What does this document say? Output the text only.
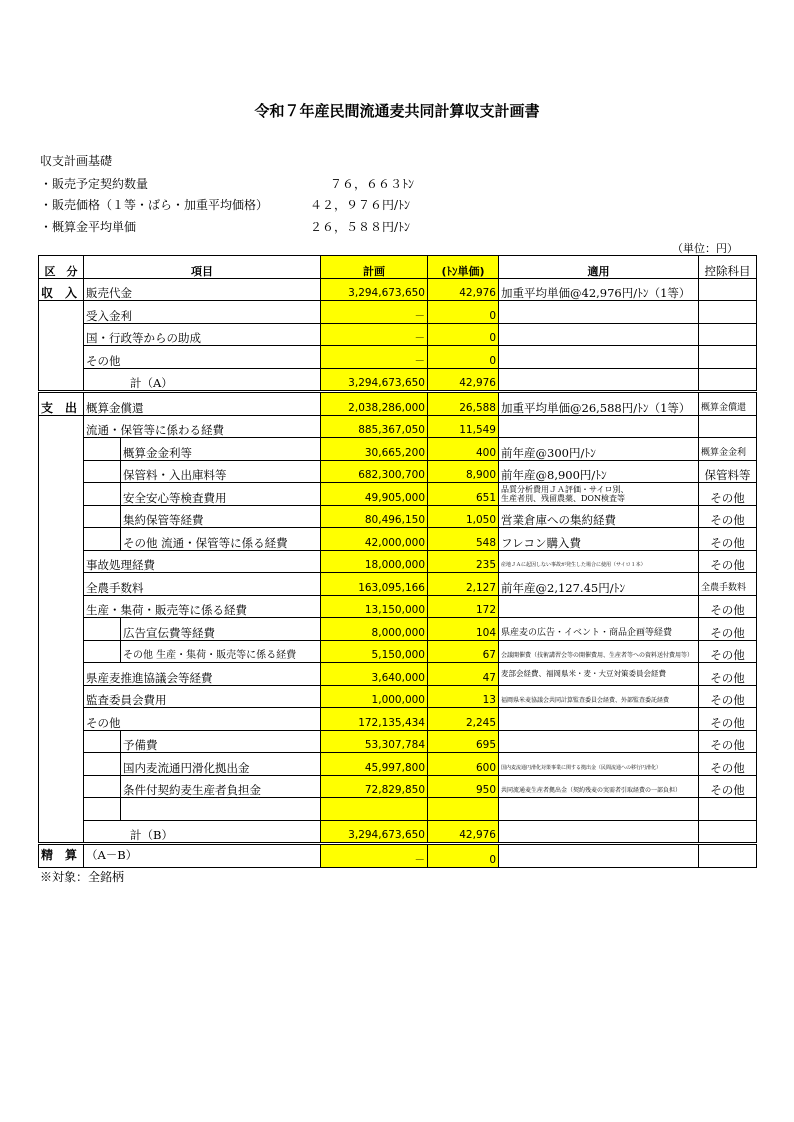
令和７年産民間流通麦共同計算収支計画書
収支計画基礎
・販売予定契約数量	７６，６６３ﾄﾝ
・販売価格（１等・ばら・加重平均価格）	４２，９７６円/ﾄﾝ
・概算金平均単価	２６，５８８円/ﾄﾝ
（単位：円）
区　分	項目		計画	(ﾄﾝ単価)	適用	控除科目
収　入	販売代金		3,294,673,650	42,976	加重平均単価@42,976円/ﾄﾝ（1等）	
	受入金利		－	0		
	国・行政等からの助成		－	0		
	その他		－	0		
	計（A）		3,294,673,650	42,976		
支　出	概算金償還		2,038,286,000	26,588	加重平均単価@26,588円/ﾄﾝ（1等）	概算金償還
	流通・保管等に係わる経費		885,367,050	11,549		
		概算金金利等	30,665,200	400	前年産@300円/ﾄﾝ	概算金金利
		保管料・入出庫料等	682,300,700	8,900	前年産@8,900円/ﾄﾝ	保管料等
		安全安心等検査費用	49,905,000	651	品質分析費用ＪＡ評価・サイロ別、
生産者別、残留農薬、DON検査等	その他
		集約保管等経費	80,496,150	1,050	営業倉庫への集約経費	その他
		その他 流通・保管等に係る経費	42,000,000	548	フレコン購入費	その他
	事故処理経費		18,000,000	235	産地ＪＡに起因しない事故が発生した場合に使用（サイロ１本）	その他
	全農手数料		163,095,166	2,127	前年産@2,127.45円/ﾄﾝ	全農手数料
	生産・集荷・販売等に係る経費		13,150,000	172		その他
		広告宣伝費等経費	8,000,000	104	県産麦の広告・イベント・商品企画等経費	その他
		その他 生産・集荷・販売等に係る経費	5,150,000	67	会議開催費（技術講習会等の開催費用、生産者等への資料送付費用等）	その他
	県産麦推進協議会等経費		3,640,000	47	麦部会経費、福岡県米・麦・大豆対策委員会経費	その他
	監査委員会費用		1,000,000	13	福岡県米麦協議会共同計算監査委員会経費、外部監査委託経費	その他
	その他		172,135,434	2,245		その他
		予備費	53,307,784	695		その他
		国内麦流通円滑化拠出金	45,997,800	600	国内麦流通円滑化対策事業に関する拠出金（民間流通への移行円滑化）	その他
		条件付契約麦生産者負担金	72,829,850	950	共同流通麦生産者拠出金（契約残麦の実需者引取経費の一部負担）	その他

	計（B）		3,294,673,650	42,976		
精　算	（A－B）		－	0		
※対象：全銘柄
